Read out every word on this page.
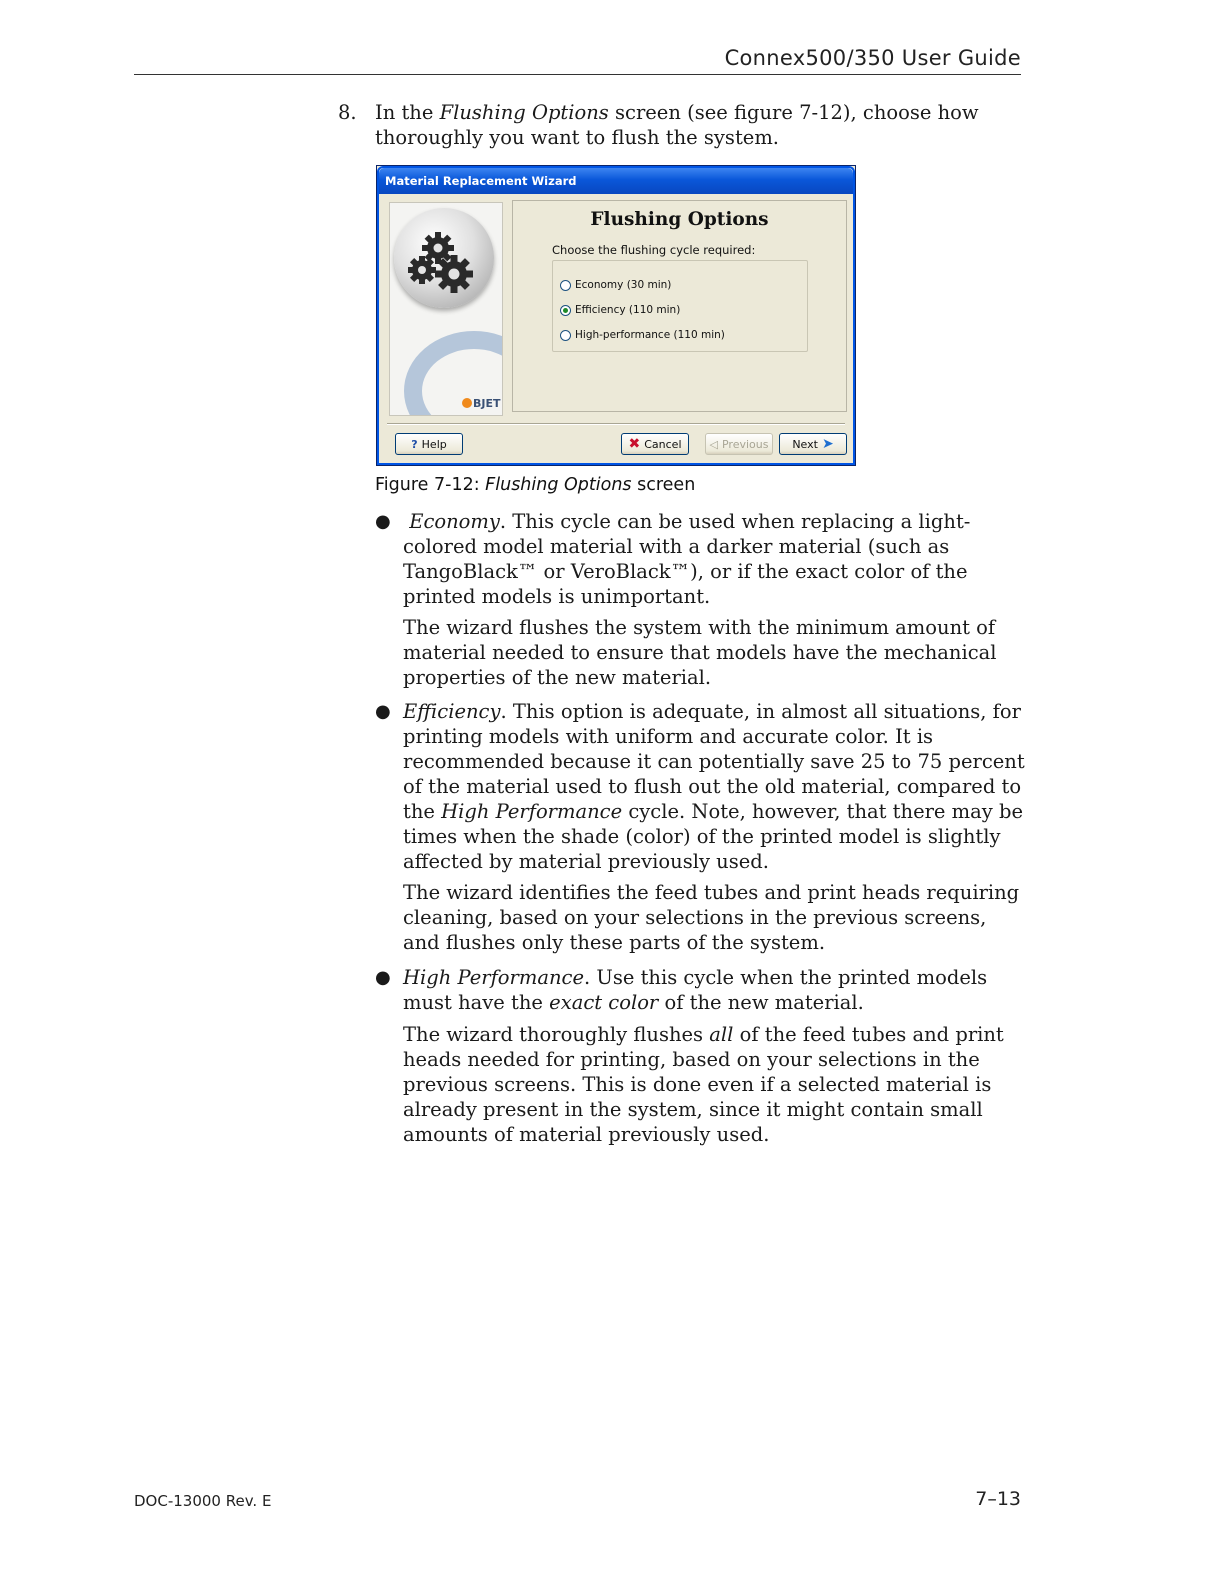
Connex500/350 User Guide
8. In the Flushing Options screen (see figure 7-12), choose how thoroughly you want to flush the system.
Material Replacement Wizard
BJET
Flushing Options
Choose the flushing cycle required:
Economy (30 min)
Efficiency (110 min)
High-performance (110 min)
? Help	✖ Cancel	◁ Previous Next ➤
Figure 7-12: Flushing Options screen
● Economy. This cycle can be used when replacing a light-colored model material with a darker material (such as TangoBlack™ or VeroBlack™), or if the exact color of the printed models is unimportant.
The wizard flushes the system with the minimum amount of material needed to ensure that models have the mechanical properties of the new material.
● Efficiency. This option is adequate, in almost all situations, for printing models with uniform and accurate color. It is recommended because it can potentially save 25 to 75 percent of the material used to flush out the old material, compared to the High Performance cycle. Note, however, that there may be times when the shade (color) of the printed model is slightly affected by material previously used.
The wizard identifies the feed tubes and print heads requiring cleaning, based on your selections in the previous screens, and flushes only these parts of the system.
● High Performance. Use this cycle when the printed models must have the exact color of the new material.
The wizard thoroughly flushes all of the feed tubes and print heads needed for printing, based on your selections in the previous screens. This is done even if a selected material is already present in the system, since it might contain small amounts of material previously used.
DOC-13000 Rev. E	7–13
